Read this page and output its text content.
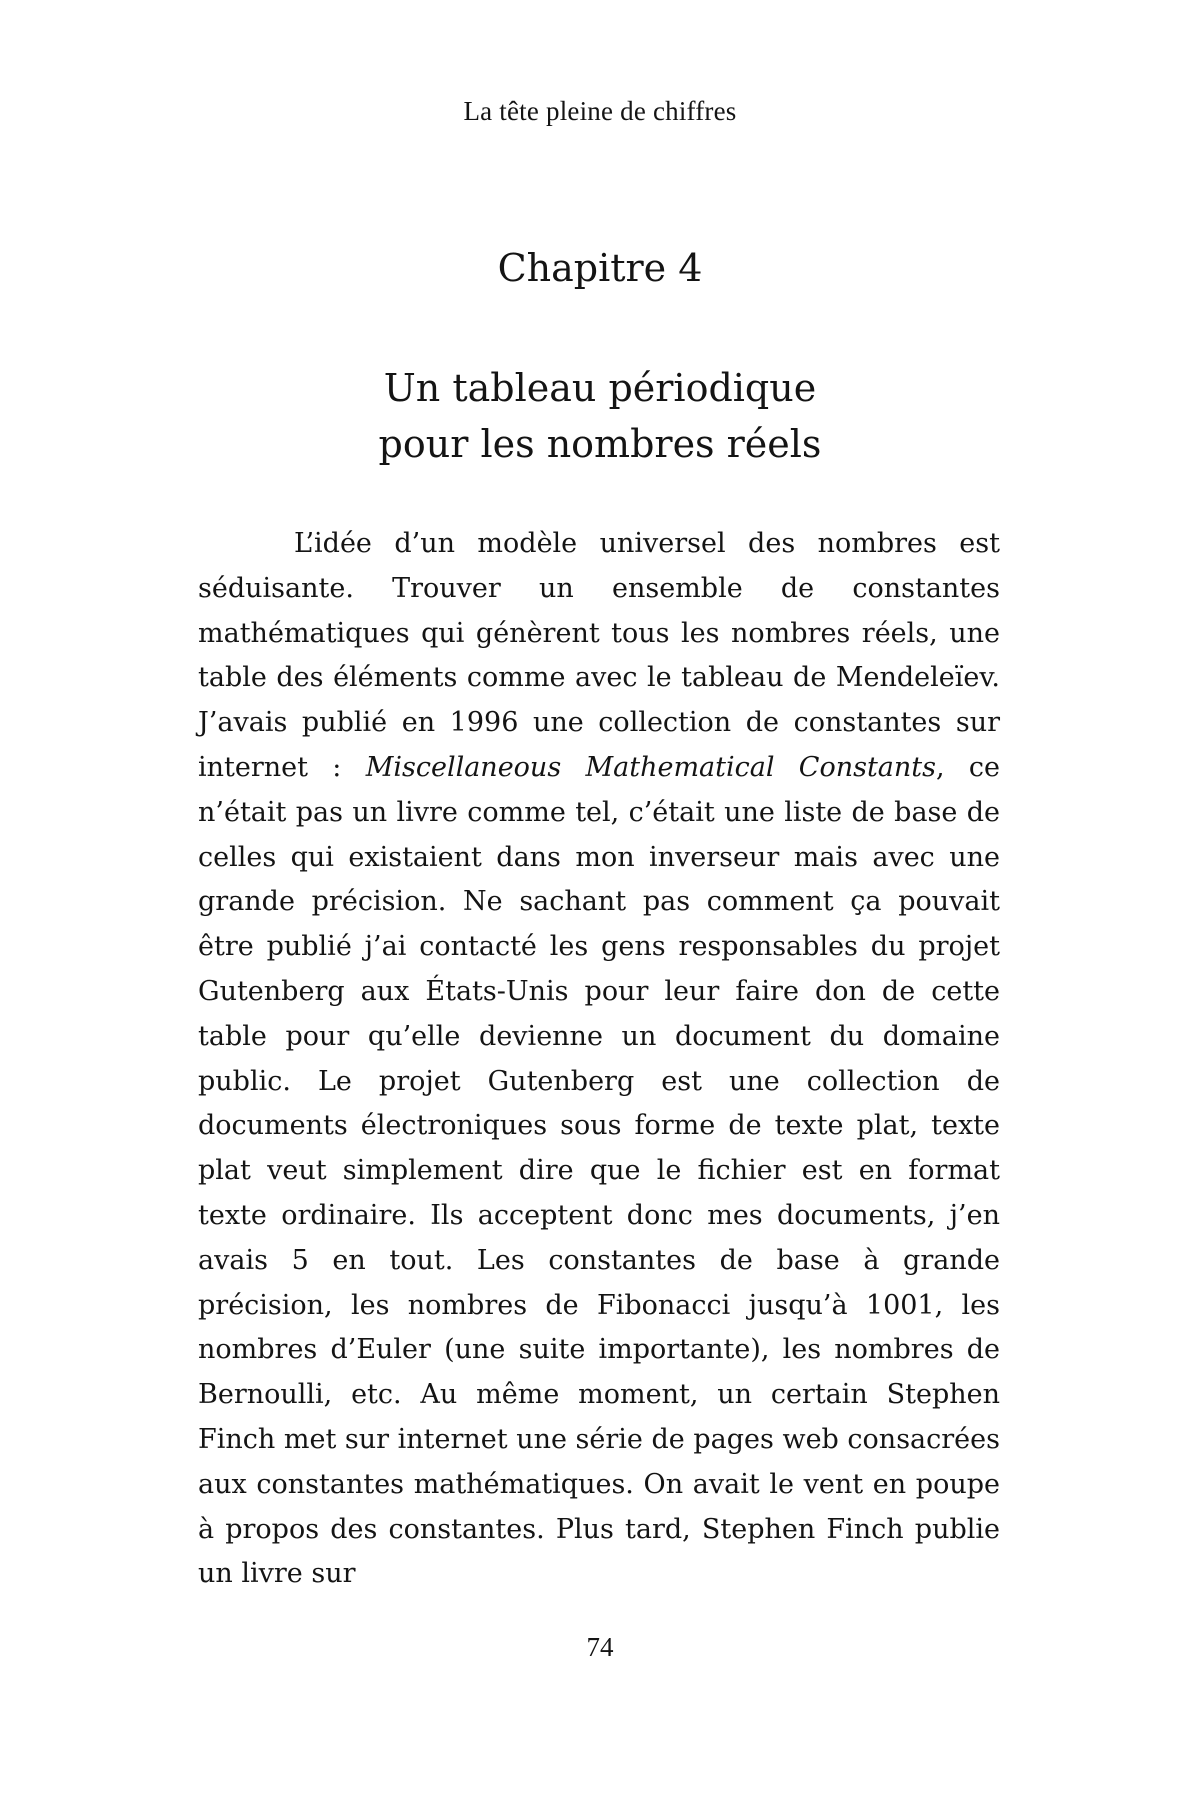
La tête pleine de chiffres
Chapitre 4
Un tableau périodique
pour les nombres réels

L’idée d’un modèle universel des nombres est séduisante. Trouver un ensemble de constantes mathématiques qui génèrent tous les nombres réels, une table des éléments comme avec le tableau de Mendeleïev. J’avais publié en 1996 une collection de constantes sur internet : Miscellaneous Mathematical Constants, ce n’était pas un livre comme tel, c’était une liste de base de celles qui existaient dans mon inverseur mais avec une grande précision. Ne sachant pas comment ça pouvait être publié j’ai contacté les gens responsables du projet Gutenberg aux États-Unis pour leur faire don de cette table pour qu’elle devienne un document du domaine public. Le projet Gutenberg est une collection de documents électroniques sous forme de texte plat, texte plat veut simplement dire que le fichier est en format texte ordinaire. Ils acceptent donc mes documents, j’en avais 5 en tout. Les constantes de base à grande précision, les nombres de Fibonacci jusqu’à 1001, les nombres d’Euler (une suite importante), les nombres de Bernoulli, etc. Au même moment, un certain Stephen Finch met sur internet une série de pages web consacrées aux constantes mathématiques. On avait le vent en poupe à propos des constantes. Plus tard, Stephen Finch publie un livre sur

74
